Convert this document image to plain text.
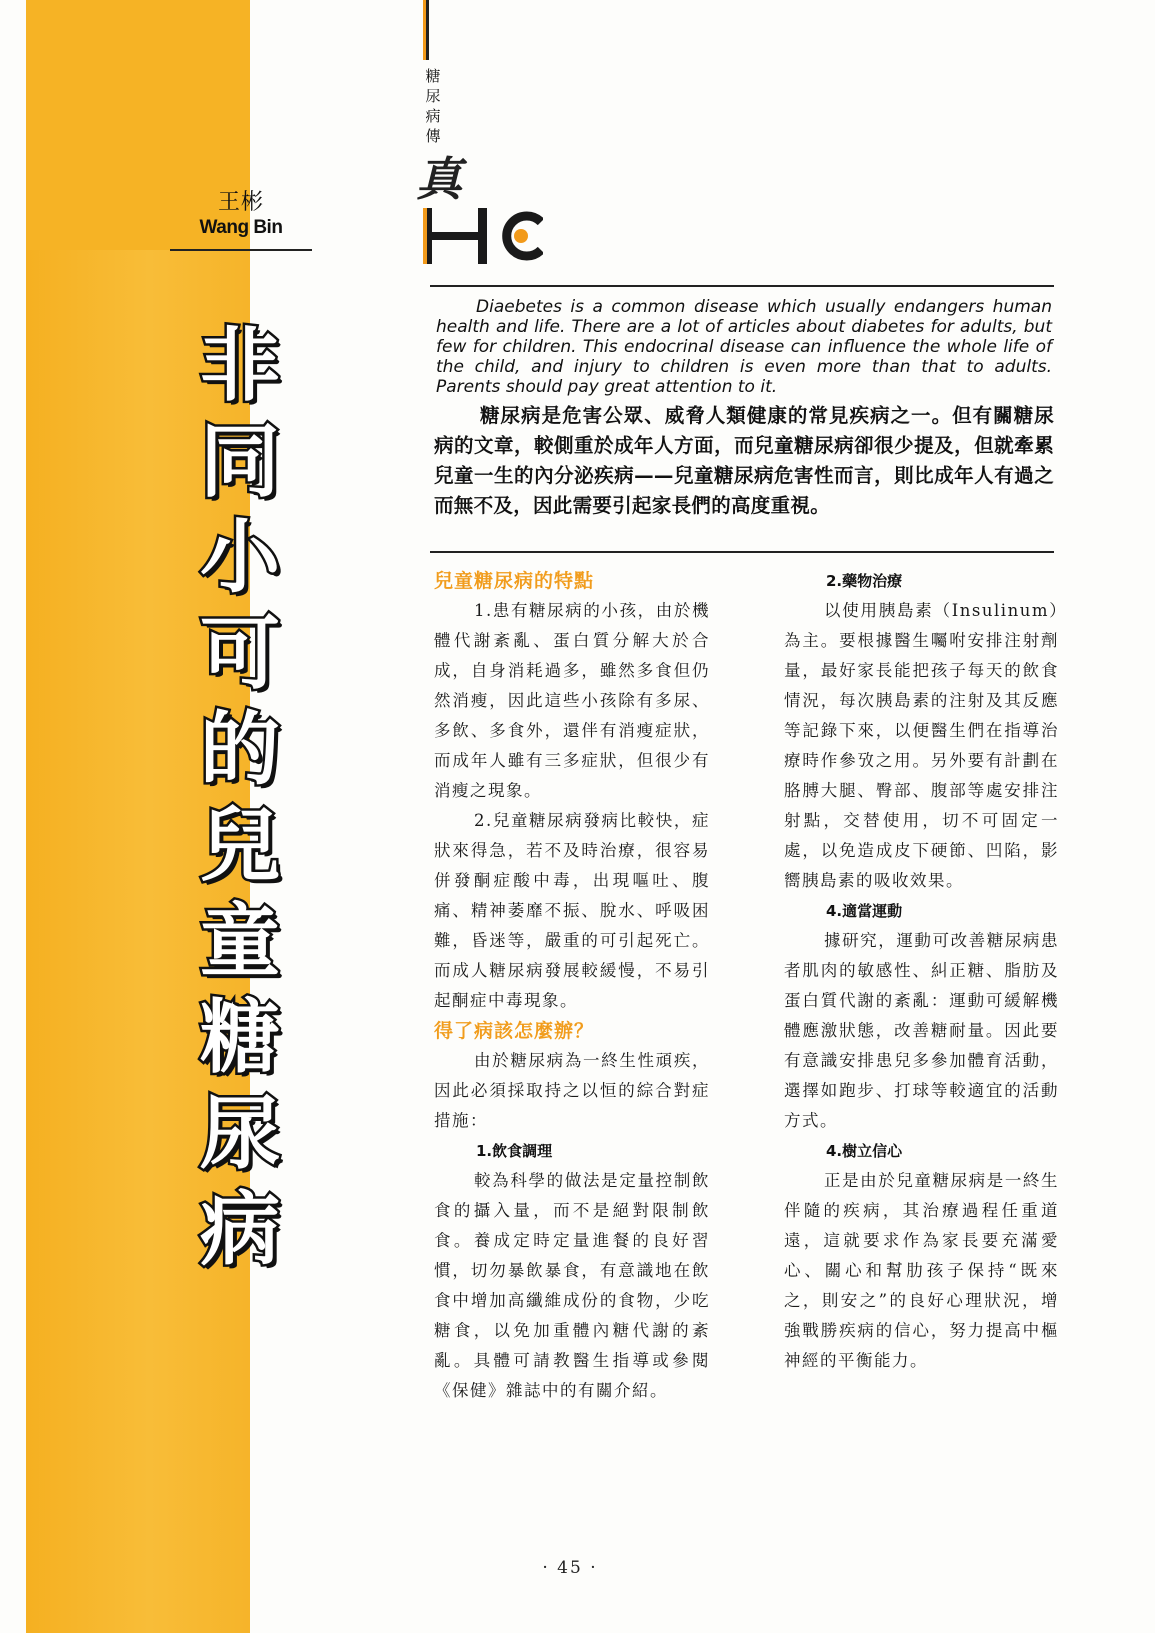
糖
尿
病
傳
真
王彬
Wang Bin
非同小可的兒童糖尿病

Diaebetes is a common disease which usually endangers human health and life. There are a lot of articles about diabetes for adults, but few for children. This endocrinal disease can influence the whole life of the child, and injury to children is even more than that to adults. Parents should pay great attention to it.

糖尿病是危害公眾、威脅人類健康的常見疾病之一。但有關糖尿病的文章，較側重於成年人方面，而兒童糖尿病卻很少提及，但就牽累兒童一生的內分泌疾病——兒童糖尿病危害性而言，則比成年人有過之而無不及，因此需要引起家長們的高度重視。

兒童糖尿病的特點

1.患有糖尿病的小孩，由於機體代謝紊亂、蛋白質分解大於合成，自身消耗過多，雖然多食但仍然消瘦，因此這些小孩除有多尿、多飲、多食外，還伴有消瘦症狀，而成年人雖有三多症狀，但很少有消瘦之現象。

2.兒童糖尿病發病比較快，症狀來得急，若不及時治療，很容易併發酮症酸中毒，出現嘔吐、腹痛、精神萎靡不振、脫水、呼吸困難，昏迷等，嚴重的可引起死亡。而成人糖尿病發展較緩慢，不易引起酮症中毒現象。

得了病該怎麼辦？

由於糖尿病為一終生性頑疾，因此必須採取持之以恒的綜合對症措施：

1.飲食調理

較為科學的做法是定量控制飲食的攝入量，而不是絕對限制飲食。養成定時定量進餐的良好習慣，切勿暴飲暴食，有意識地在飲食中增加高纖維成份的食物，少吃糖食，以免加重體內糖代謝的紊亂。具體可請教醫生指導或參閱《保健》雜誌中的有關介紹。

2.藥物治療

以使用胰島素（Insulinum）為主。要根據醫生囑咐安排注射劑量，最好家長能把孩子每天的飲食情況，每次胰島素的注射及其反應等記錄下來，以便醫生們在指導治療時作參攷之用。另外要有計劃在胳膊大腿、臀部、腹部等處安排注射點，交替使用，切不可固定一處，以免造成皮下硬節、凹陷，影嚮胰島素的吸收效果。

4.適當運動

據研究，運動可改善糖尿病患者肌肉的敏感性、糾正糖、脂肪及蛋白質代謝的紊亂：運動可緩解機體應激狀態，改善糖耐量。因此要有意識安排患兒多參加體育活動，選擇如跑步、打球等較適宜的活動方式。

4.樹立信心

正是由於兒童糖尿病是一終生伴隨的疾病，其治療過程任重道遠，這就要求作為家長要充滿愛心、關心和幫肋孩子保持“既來之，則安之”的良好心理狀況，增強戰勝疾病的信心，努力提高中樞神經的平衡能力。

· 45 ·
